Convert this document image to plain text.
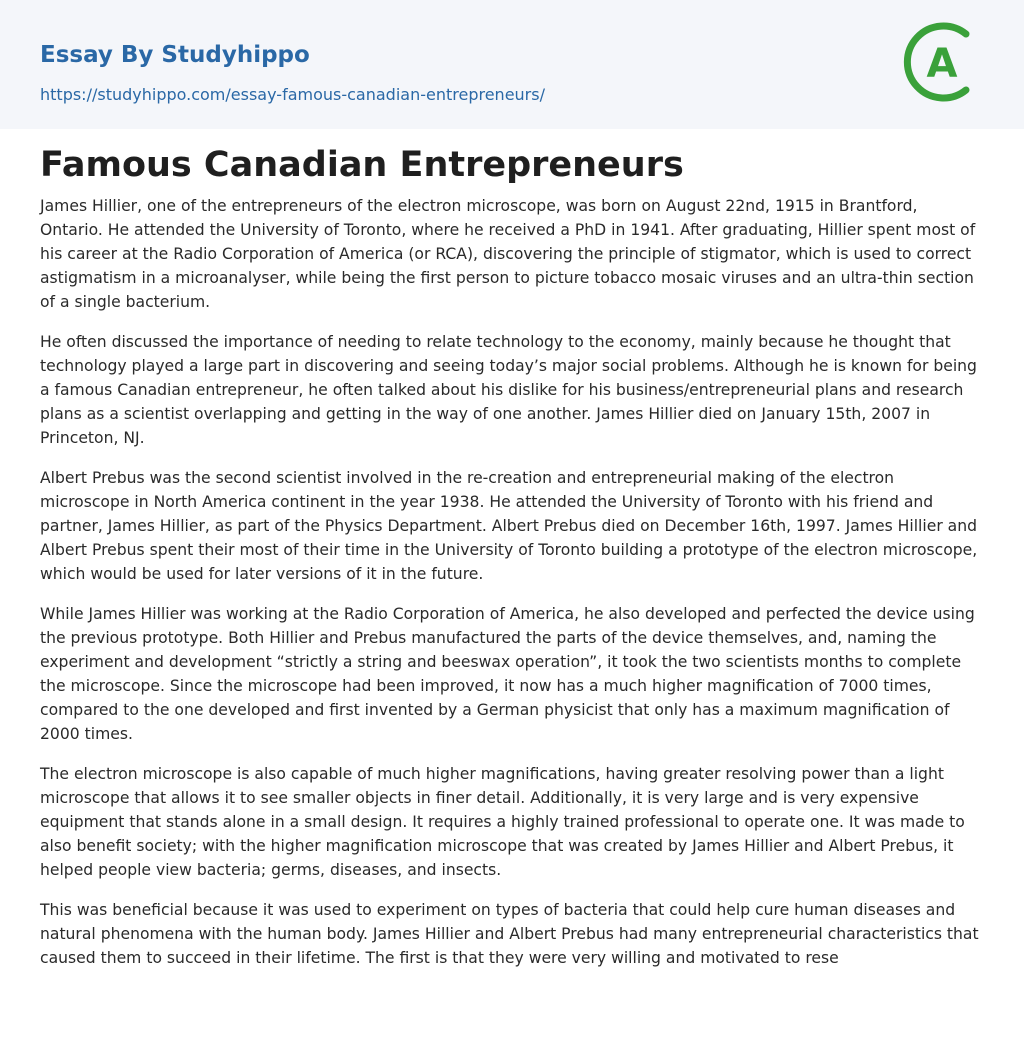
Essay By Studyhippo
https://studyhippo.com/essay-famous-canadian-entrepreneurs/
A
Famous Canadian Entrepreneurs

James Hillier, one of the entrepreneurs of the electron microscope, was born on August 22nd, 1915 in Brantford, Ontario. He attended the University of Toronto, where he received a PhD in 1941. After graduating, Hillier spent most of his career at the Radio Corporation of America (or RCA), discovering the principle of stigmator, which is used to correct astigmatism in a microanalyser, while being the first person to picture tobacco mosaic viruses and an ultra-thin section of a single bacterium.

He often discussed the importance of needing to relate technology to the economy, mainly because he thought that technology played a large part in discovering and seeing today’s major social problems. Although he is known for being a famous Canadian entrepreneur, he often talked about his dislike for his business/entrepreneurial plans and research plans as a scientist overlapping and getting in the way of one another. James Hillier died on January 15th, 2007 in Princeton, NJ.

Albert Prebus was the second scientist involved in the re-creation and entrepreneurial making of the electron microscope in North America continent in the year 1938. He attended the University of Toronto with his friend and partner, James Hillier, as part of the Physics Department. Albert Prebus died on December 16th, 1997. James Hillier and Albert Prebus spent their most of their time in the University of Toronto building a prototype of the electron microscope, which would be used for later versions of it in the future.

While James Hillier was working at the Radio Corporation of America, he also developed and perfected the device using the previous prototype. Both Hillier and Prebus manufactured the parts of the device themselves, and, naming the experiment and development “strictly a string and beeswax operation”, it took the two scientists months to complete the microscope. Since the microscope had been improved, it now has a much higher magnification of 7000 times, compared to the one developed and first invented by a German physicist that only has a maximum magnification of 2000 times.

The electron microscope is also capable of much higher magnifications, having greater resolving power than a light microscope that allows it to see smaller objects in finer detail. Additionally, it is very large and is very expensive equipment that stands alone in a small design. It requires a highly trained professional to operate one. It was made to also benefit society; with the higher magnification microscope that was created by James Hillier and Albert Prebus, it helped people view bacteria; germs, diseases, and insects.

This was beneficial because it was used to experiment on types of bacteria that could help cure human diseases and natural phenomena with the human body. James Hillier and Albert Prebus had many entrepreneurial characteristics that caused them to succeed in their lifetime. The first is that they were very willing and motivated to rese
